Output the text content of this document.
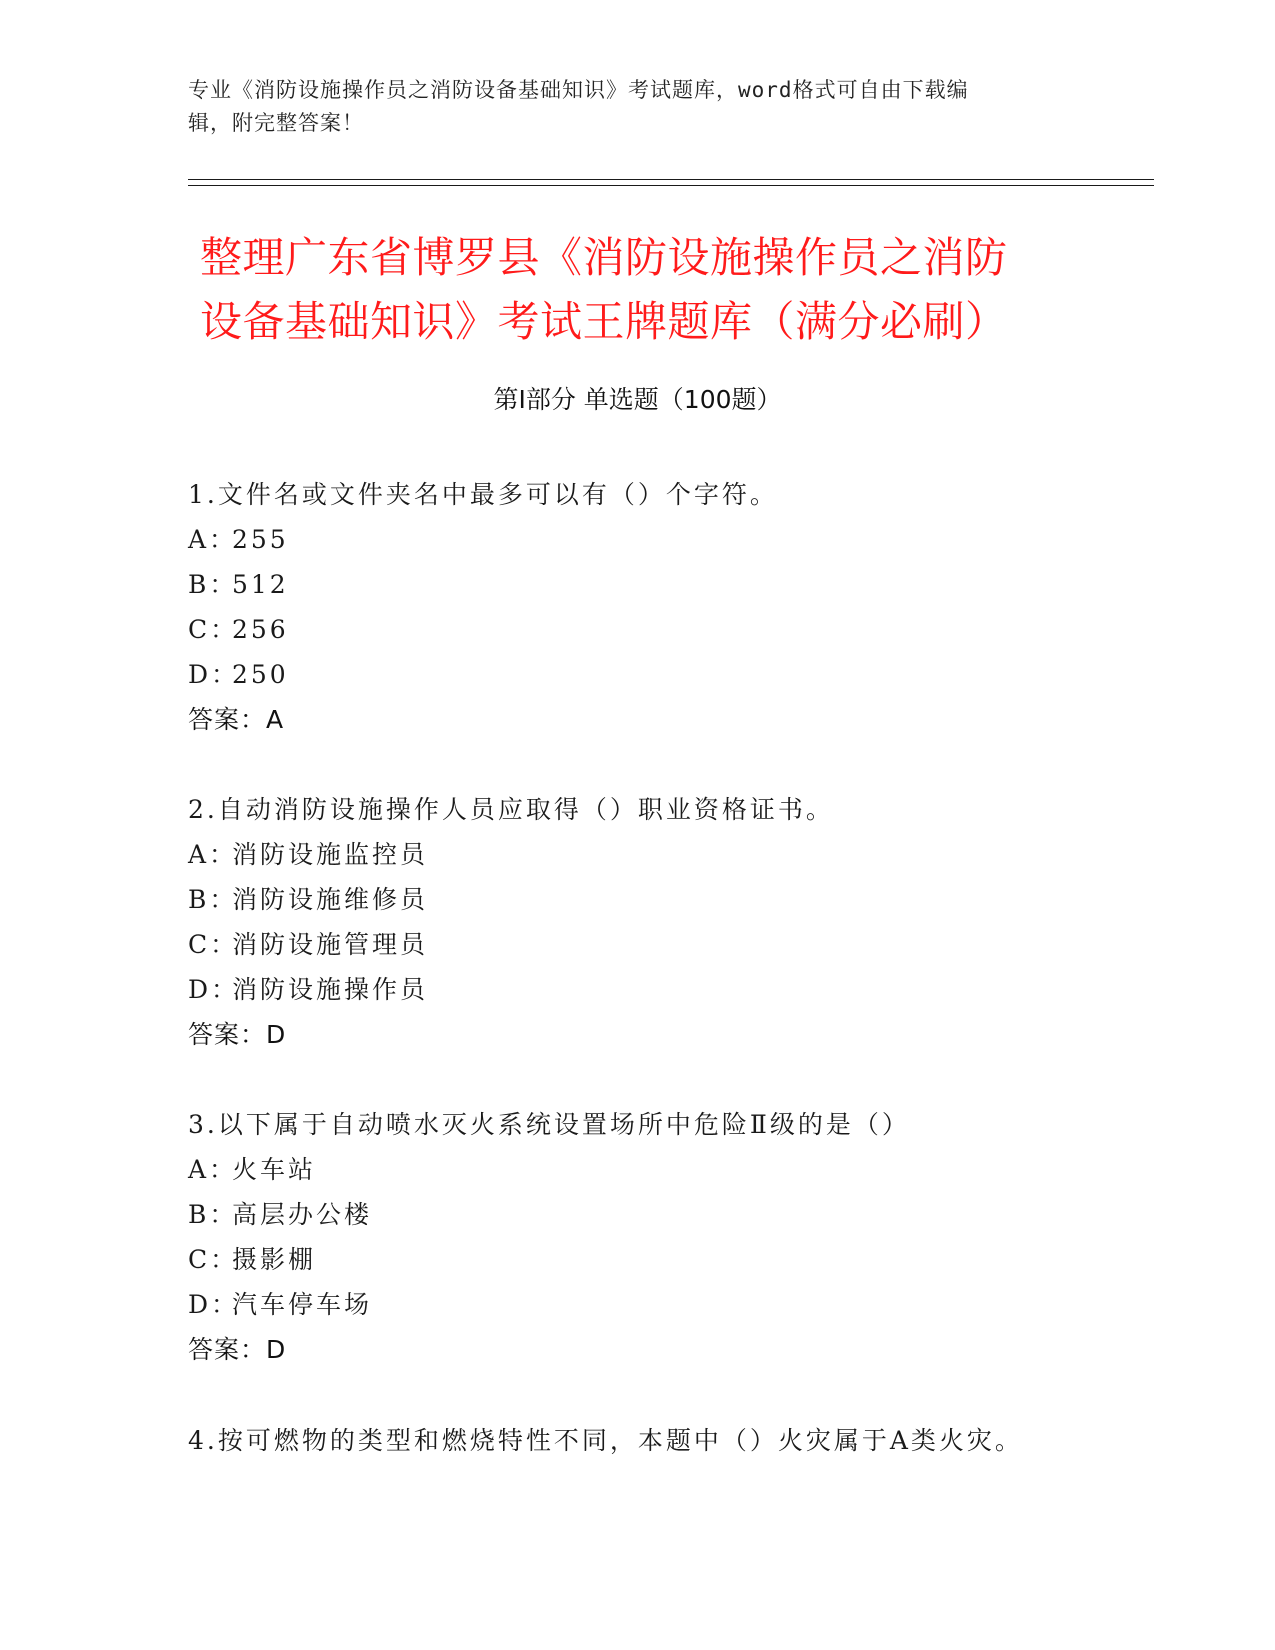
专业《消防设施操作员之消防设备基础知识》考试题库，word格式可自由下载编
辑，附完整答案！
整理广东省博罗县《消防设施操作员之消防
设备基础知识》考试王牌题库（满分必刷）
第Ⅰ部分 单选题（100题）
1.文件名或文件夹名中最多可以有（）个字符。
A：255
B：512
C：256
D：250
答案：A
2.自动消防设施操作人员应取得（）职业资格证书。
A：消防设施监控员
B：消防设施维修员
C：消防设施管理员
D：消防设施操作员
答案：D
3.以下属于自动喷水灭火系统设置场所中危险Ⅱ级的是（）
A：火车站
B：高层办公楼
C：摄影棚
D：汽车停车场
答案：D
4.按可燃物的类型和燃烧特性不同，本题中（）火灾属于A类火灾。
